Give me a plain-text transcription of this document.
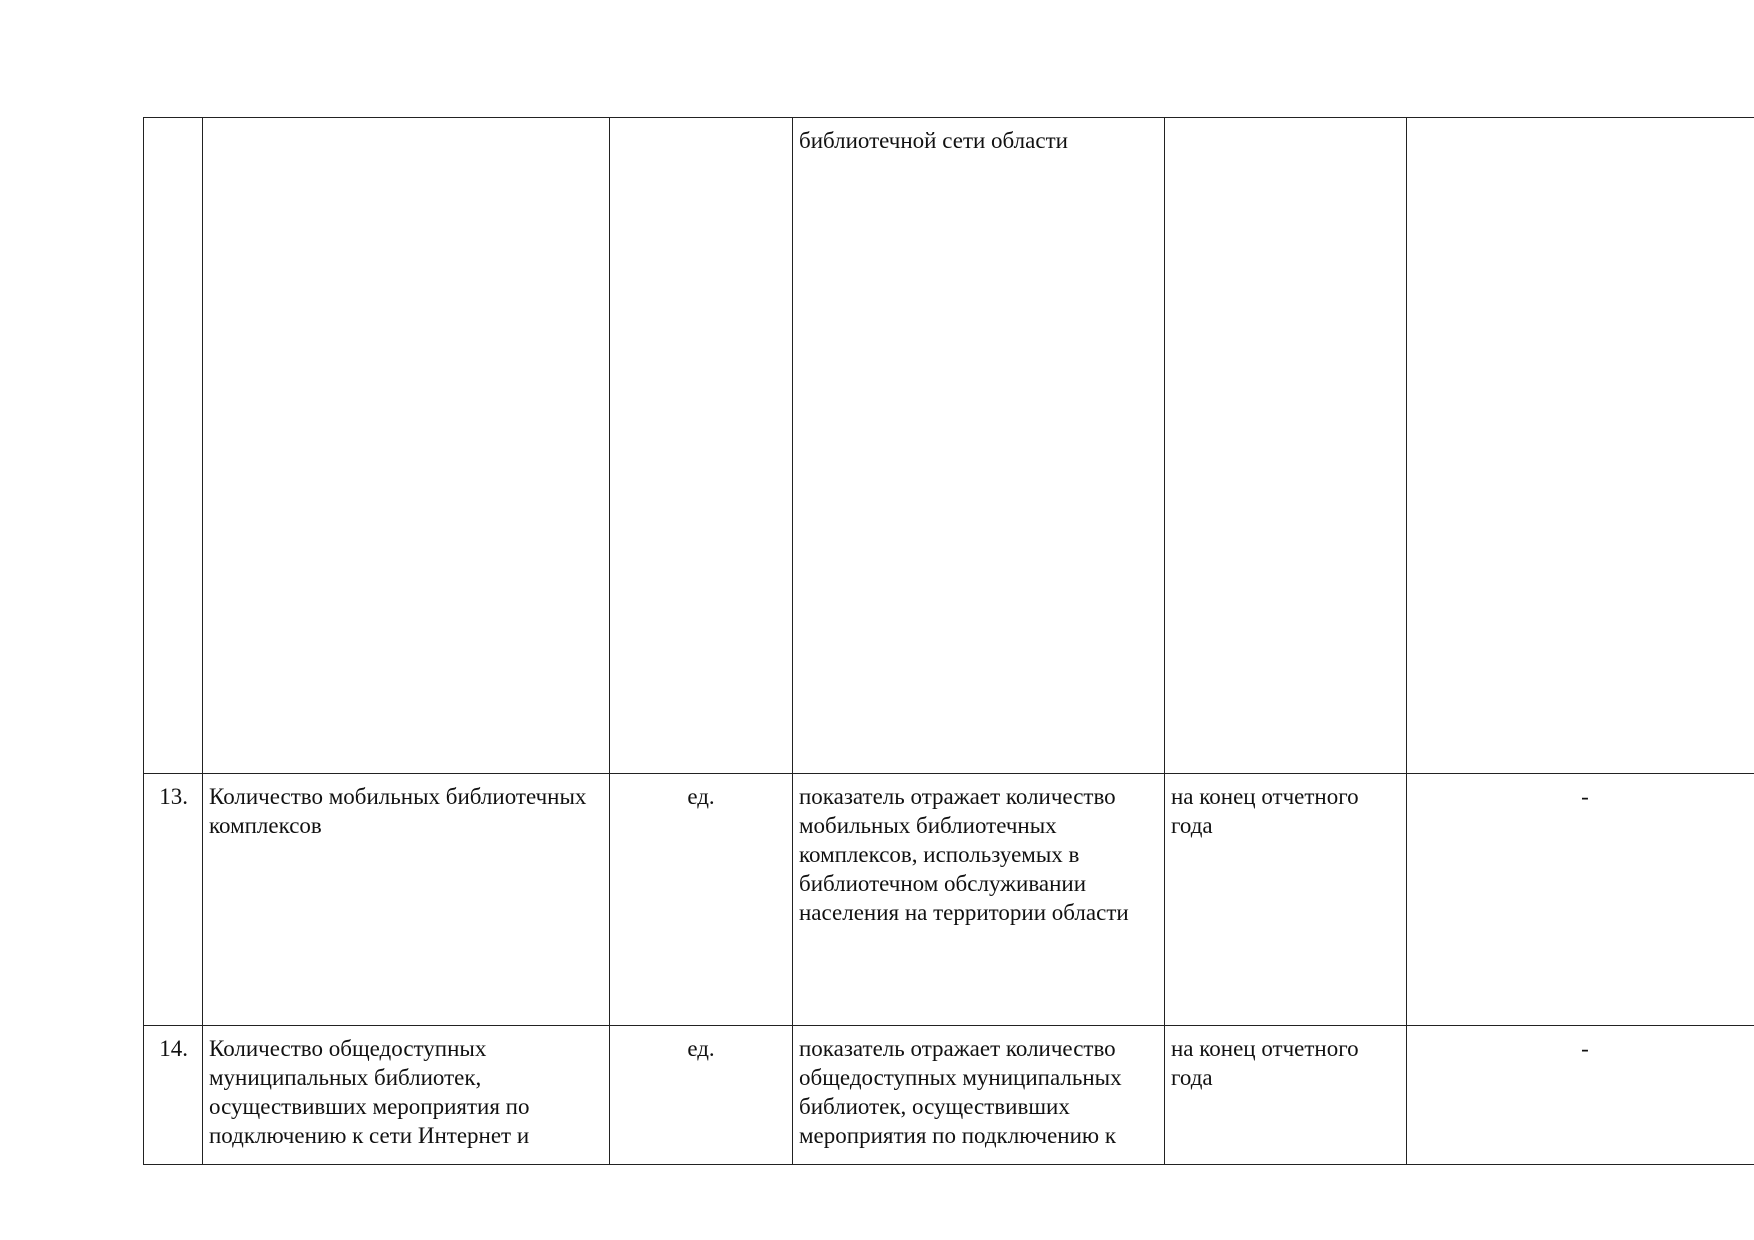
			библиотечной сети области		
13.	Количество мобильных библиотечных комплексов	ед.	показатель отражает количество мобильных библиотечных комплексов, используемых в библиотечном обслуживании населения на территории области	на конец отчетного года	-
14.	Количество общедоступных муниципальных библиотек, осуществивших мероприятия по подключению к сети Интернет и	ед.	показатель отражает количество общедоступных муниципальных библиотек, осуществивших мероприятия по подключению к	на конец отчетного года	-
